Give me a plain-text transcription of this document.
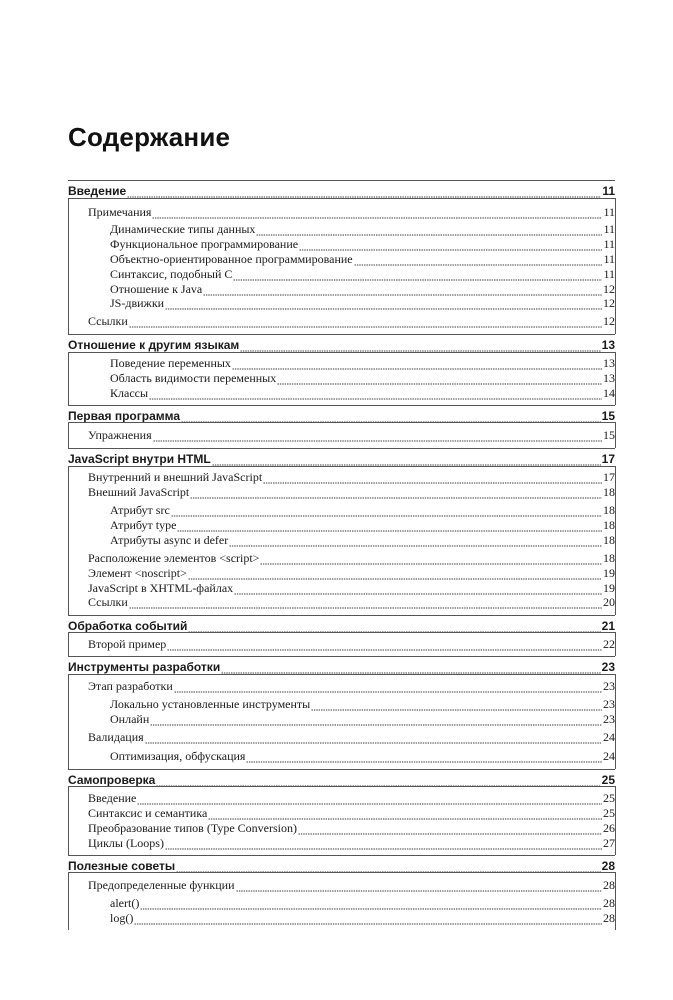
Содержание
Введение	11
Примечания	11
Динамические типы данных	11
Функциональное программирование	11
Объектно-ориентированное программирование	11
Синтаксис, подобный C	11
Отношение к Java	12
JS-движки	12
Ссылки	12
Отношение к другим языкам	13
Поведение переменных	13
Область видимости переменных	13
Классы	14
Первая программа	15
Упражнения	15
JavaScript внутри HTML	17
Внутренний и внешний JavaScript	17
Внешний JavaScript	18
Атрибут src	18
Атрибут type	18
Атрибуты async и defer	18
Расположение элементов <script>	18
Элемент <noscript>	19
JavaScript в XHTML-файлах	19
Ссылки	20
Обработка событий	21
Второй пример	22
Инструменты разработки	23
Этап разработки	23
Локально установленные инструменты	23
Онлайн	23
Валидация	24
Оптимизация, обфускация	24
Самопроверка	25
Введение	25
Синтаксис и семантика	25
Преобразование типов (Type Conversion)	26
Циклы (Loops)	27
Полезные советы	28
Предопределенные функции	28
alert()	28
log()	28
